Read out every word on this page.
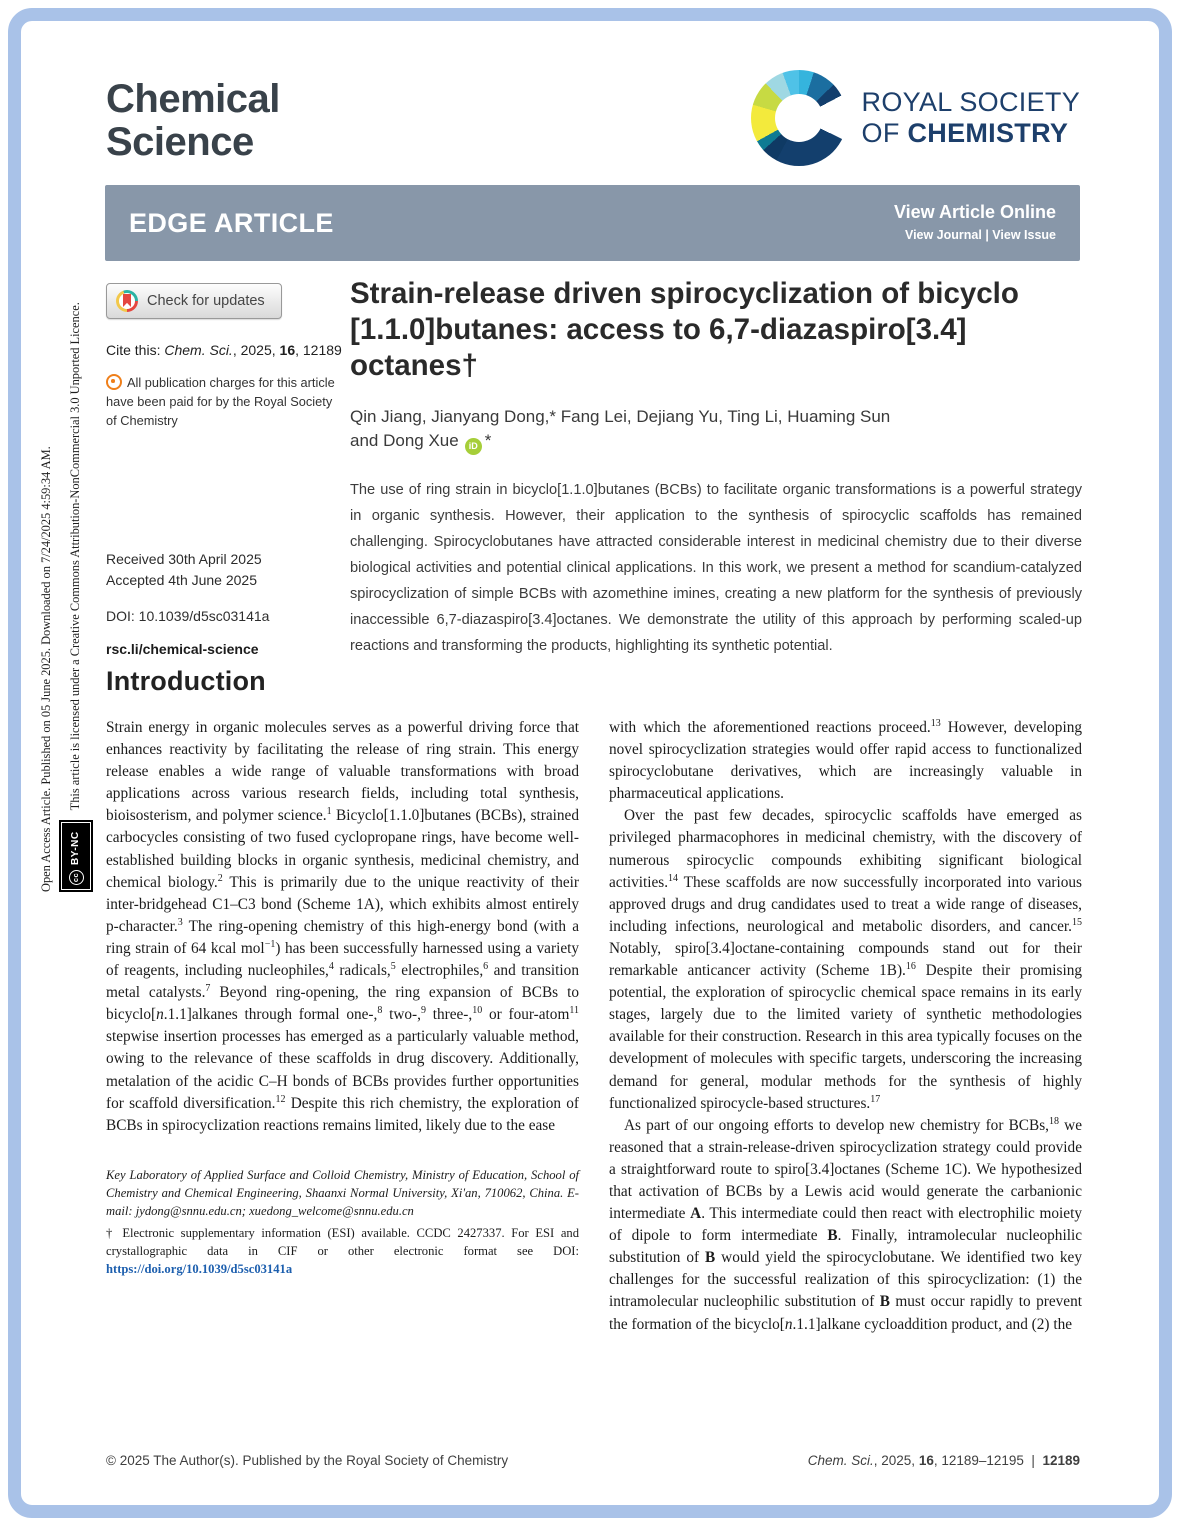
Open Access Article. Published on 05 June 2025. Downloaded on 7/24/2025 4:59:34 AM.	cc
BY-NC
This article is licensed under a Creative Commons Attribution-NonCommercial 3.0 Unported Licence.
Chemical
Science
ROYAL SOCIETY
OF CHEMISTRY
EDGE ARTICLE	View Article Online
View Journal | View Issue
Check for updates
Cite this: Chem. Sci., 2025, 16, 12189
All publication charges for this article have been paid for by the Royal Society of Chemistry
Received 30th April 2025
Accepted 4th June 2025
DOI: 10.1039/d5sc03141a
rsc.li/chemical-science
Strain-release driven spirocyclization of bicyclo[1.1.0]butanes: access to 6,7-diazaspiro[3.4]octanes†
Qin Jiang, Jianyang Dong,* Fang Lei, Dejiang Yu, Ting Li, Huaming Sun
and Dong Xue iD *
The use of ring strain in bicyclo[1.1.0]butanes (BCBs) to facilitate organic transformations is a powerful strategy in organic synthesis. However, their application to the synthesis of spirocyclic scaffolds has remained challenging. Spirocyclobutanes have attracted considerable interest in medicinal chemistry due to their diverse biological activities and potential clinical applications. In this work, we present a method for scandium-catalyzed spirocyclization of simple BCBs with azomethine imines, creating a new platform for the synthesis of previously inaccessible 6,7-diazaspiro[3.4]octanes. We demonstrate the utility of this approach by performing scaled-up reactions and transforming the products, highlighting its synthetic potential.
Introduction

Strain energy in organic molecules serves as a powerful driving force that enhances reactivity by facilitating the release of ring strain. This energy release enables a wide range of valuable transformations with broad applications across various research fields, including total synthesis, bioisosterism, and polymer science.$^1$ Bicyclo[1.1.0]butanes (BCBs), strained carbocycles consisting of two fused cyclopropane rings, have become well-established building blocks in organic synthesis, medicinal chemistry, and chemical biology.$^2$ This is primarily due to the unique reactivity of their inter-bridgehead C1–C3 bond (Scheme 1A), which exhibits almost entirely p-character.$^3$ The ring-opening chemistry of this high-energy bond (with a ring strain of 64 kcal mol$^{-1}$) has been successfully harnessed using a variety of reagents, including nucleophiles,$^4$ radicals,$^5$ electrophiles,$^6$ and transition metal catalysts.$^7$ Beyond ring-opening, the ring expansion of BCBs to bicyclo[n.1.1]alkanes through formal one-,$^8$ two-,$^9$ three-,$^{10}$ or four-atom$^{11}$ stepwise insertion processes has emerged as a particularly valuable method, owing to the relevance of these scaffolds in drug discovery. Additionally, metalation of the acidic C–H bonds of BCBs provides further opportunities for scaffold diversification.$^{12}$ Despite this rich chemistry, the exploration of BCBs in spirocyclization reactions remains limited, likely due to the ease

Key Laboratory of Applied Surface and Colloid Chemistry, Ministry of Education, School of Chemistry and Chemical Engineering, Shaanxi Normal University, Xi'an, 710062, China. E-mail: jydong@snnu.edu.cn; xuedong_welcome@snnu.edu.cn
† Electronic supplementary information (ESI) available. CCDC 2427337. For ESI and crystallographic data in CIF or other electronic format see DOI: https://doi.org/10.1039/d5sc03141a

with which the aforementioned reactions proceed.$^{13}$ However, developing novel spirocyclization strategies would offer rapid access to functionalized spirocyclobutane derivatives, which are increasingly valuable in pharmaceutical applications.

Over the past few decades, spirocyclic scaffolds have emerged as privileged pharmacophores in medicinal chemistry, with the discovery of numerous spirocyclic compounds exhibiting significant biological activities.$^{14}$ These scaffolds are now successfully incorporated into various approved drugs and drug candidates used to treat a wide range of diseases, including infections, neurological and metabolic disorders, and cancer.$^{15}$ Notably, spiro[3.4]octane-containing compounds stand out for their remarkable anticancer activity (Scheme 1B).$^{16}$ Despite their promising potential, the exploration of spirocyclic chemical space remains in its early stages, largely due to the limited variety of synthetic methodologies available for their construction. Research in this area typically focuses on the development of molecules with specific targets, underscoring the increasing demand for general, modular methods for the synthesis of highly functionalized spirocycle-based structures.$^{17}$

As part of our ongoing efforts to develop new chemistry for BCBs,$^{18}$ we reasoned that a strain-release-driven spirocyclization strategy could provide a straightforward route to spiro[3.4]octanes (Scheme 1C). We hypothesized that activation of BCBs by a Lewis acid would generate the carbanionic intermediate A. This intermediate could then react with electrophilic moiety of dipole to form intermediate B. Finally, intramolecular nucleophilic substitution of B would yield the spirocyclobutane. We identified two key challenges for the successful realization of this spirocyclization: (1) the intramolecular nucleophilic substitution of B must occur rapidly to prevent the formation of the bicyclo[n.1.1]alkane cycloaddition product, and (2) the

© 2025 The Author(s). Published by the Royal Society of Chemistry	Chem. Sci., 2025, 16, 12189–12195  |  12189
